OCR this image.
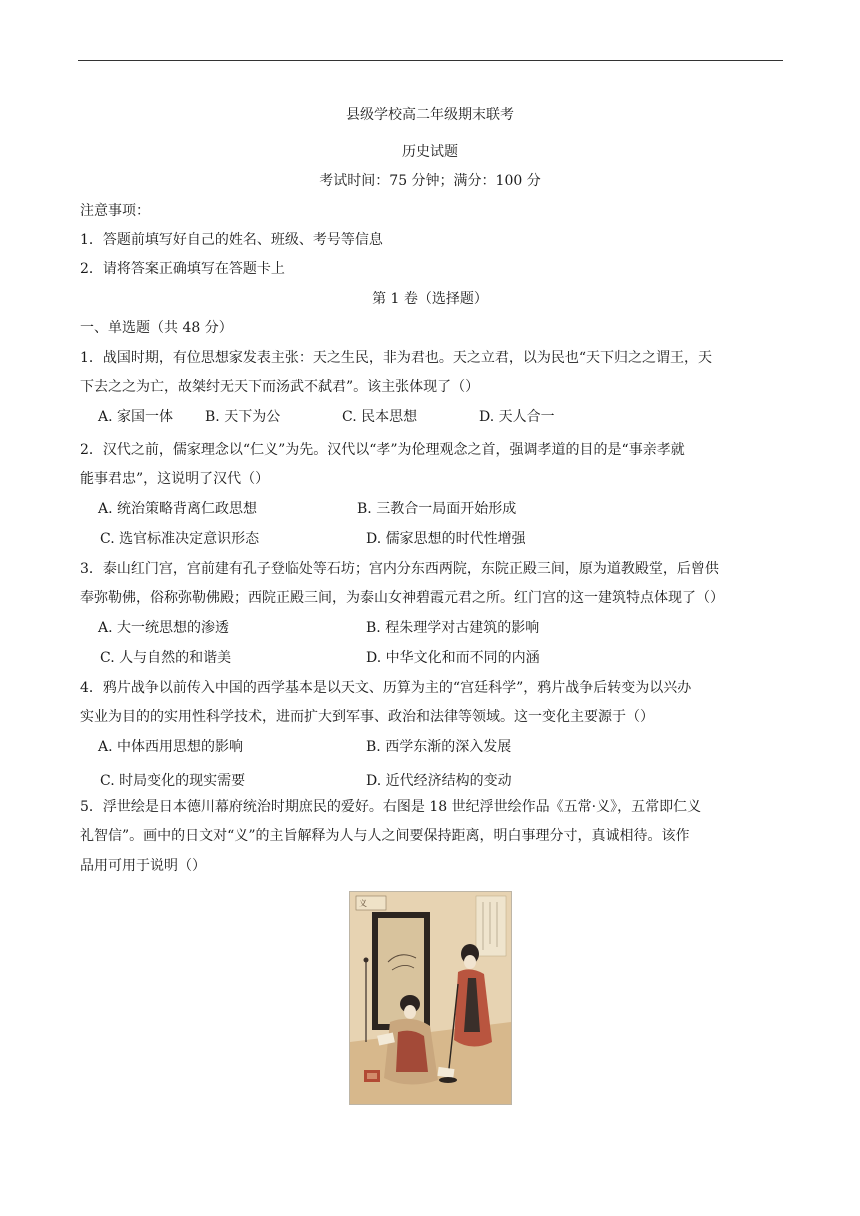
县级学校高二年级期末联考
历史试题
考试时间：75 分钟；满分：100 分
注意事项：
1．答题前填写好自己的姓名、班级、考号等信息
2．请将答案正确填写在答题卡上
第 1 卷（选择题）
一、单选题（共 48 分）
1．战国时期，有位思想家发表主张：天之生民，非为君也。天之立君，以为民也“天下归之之谓王，天
下去之之为亡，故桀纣无天下而汤武不弑君”。该主张体现了（）
A. 家国一体 B. 天下为公	C. 民本思想	D. 天人合一
2．汉代之前，儒家理念以“仁义”为先。汉代以“孝”为伦理观念之首，强调孝道的目的是“事亲孝就
能事君忠”，这说明了汉代（）
A. 统治策略背离仁政思想	B. 三教合一局面开始形成
C. 选官标准决定意识形态	D. 儒家思想的时代性增强
3．泰山红门宫，宫前建有孔子登临处等石坊；宫内分东西两院，东院正殿三间，原为道教殿堂，后曾供
奉弥勒佛，俗称弥勒佛殿；西院正殿三间，为泰山女神碧霞元君之所。红门宫的这一建筑特点体现了（）
A. 大一统思想的渗透	B. 程朱理学对古建筑的影响
C. 人与自然的和谐美	D. 中华文化和而不同的内涵
4．鸦片战争以前传入中国的西学基本是以天文、历算为主的“宫廷科学”，鸦片战争后转变为以兴办
实业为目的的实用性科学技术，进而扩大到军事、政治和法律等领域。这一变化主要源于（）
A. 中体西用思想的影响	B. 西学东渐的深入发展
C. 时局变化的现实需要	D. 近代经济结构的变动
5．浮世绘是日本德川幕府统治时期庶民的爱好。右图是 18 世纪浮世绘作品《五常·义》，五常即仁义
礼智信”。画中的日文对“义”的主旨解释为人与人之间要保持距离，明白事理分寸，真诚相待。该作
品用可用于说明（）
义
